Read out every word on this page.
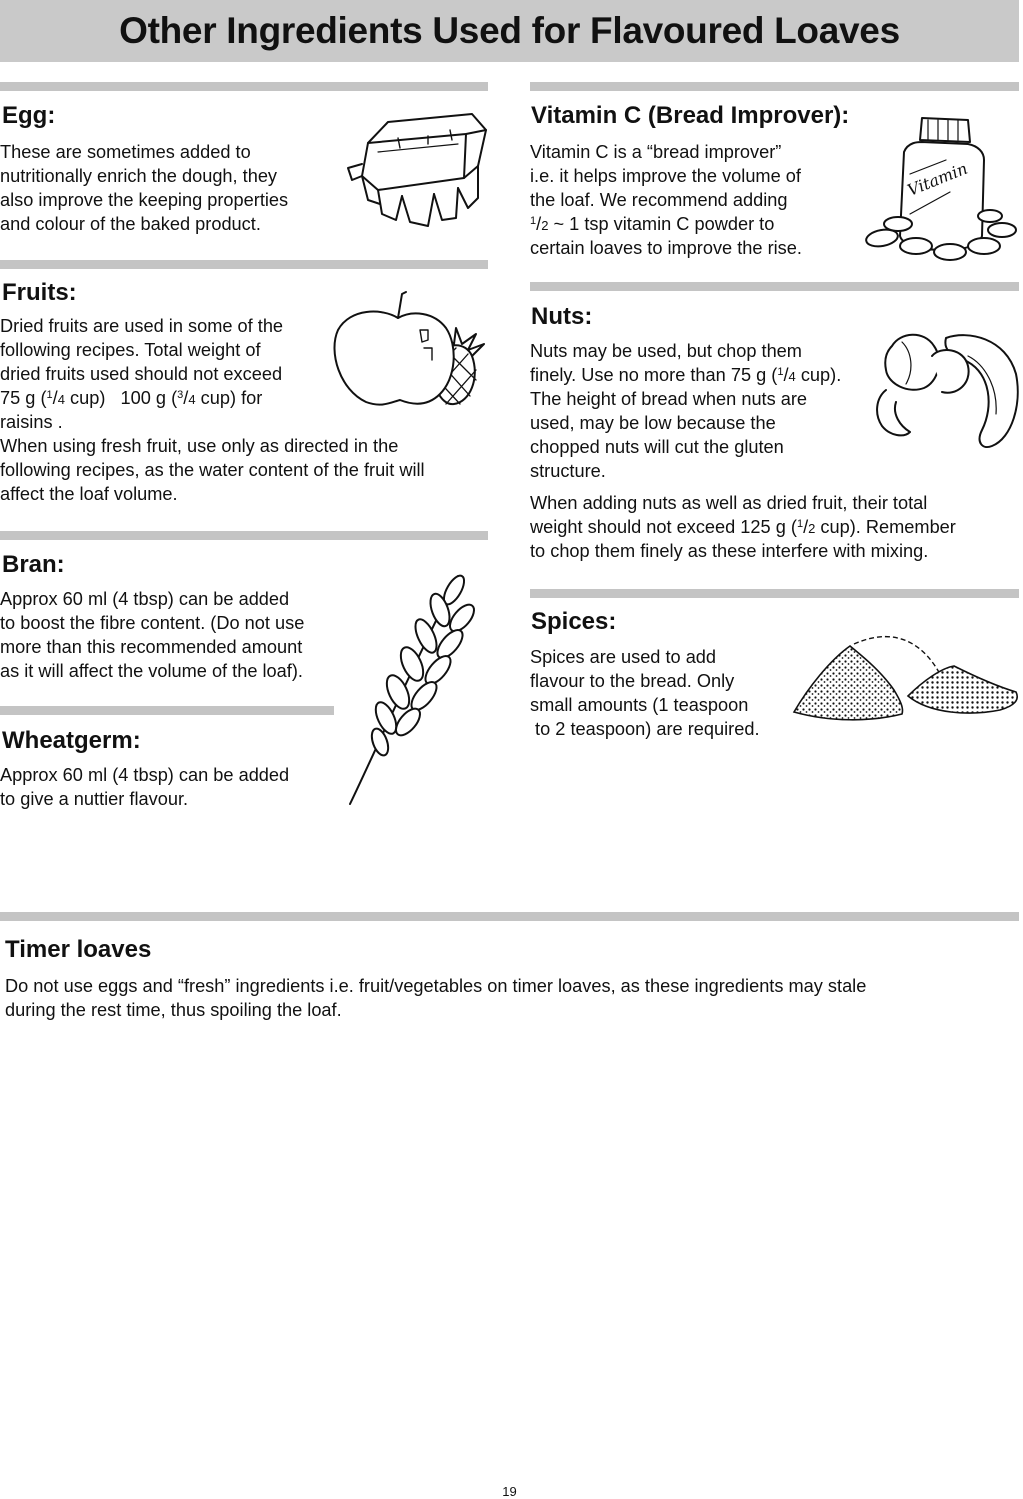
Other Ingredients Used for Flavoured Loaves
Egg:

These are sometimes added to
nutritionally enrich the dough, they
also improve the keeping properties
and colour of the baked product.

Fruits:

Dried fruits are used in some of the
following recipes. Total weight of
dried fruits used should not exceed
75 g ($^1$/4 cup)   100 g ($^3$/4 cup) for
raisins .
When using fresh fruit, use only as directed in the
following recipes, as the water content of the fruit will
affect the loaf volume.

Bran:

Approx 60 ml (4 tbsp) can be added
to boost the fibre content. (Do not use
more than this recommended amount
as it will affect the volume of the loaf).

Wheatgerm:

Approx 60 ml (4 tbsp) can be added
to give a nuttier flavour.

Vitamin C (Bread Improver):

Vitamin C is a “bread improver”
i.e. it helps improve the volume of
the loaf. We recommend adding
$^1$/2 ~ 1 tsp vitamin C powder to
certain loaves to improve the rise.

Vitamin
Nuts:

Nuts may be used, but chop them
finely. Use no more than 75 g ($^1$/4 cup).
The height of bread when nuts are
used, may be low because the
chopped nuts will cut the gluten
structure.

When adding nuts as well as dried fruit, their total
weight should not exceed 125 g ($^1$/2 cup). Remember
to chop them finely as these interfere with mixing.

Spices:

Spices are used to add
flavour to the bread. Only
small amounts (1 teaspoon
to 2 teaspoon) are required.

Timer loaves

Do not use eggs and “fresh” ingredients i.e. fruit/vegetables on timer loaves, as these ingredients may stale
during the rest time, thus spoiling the loaf.

19
